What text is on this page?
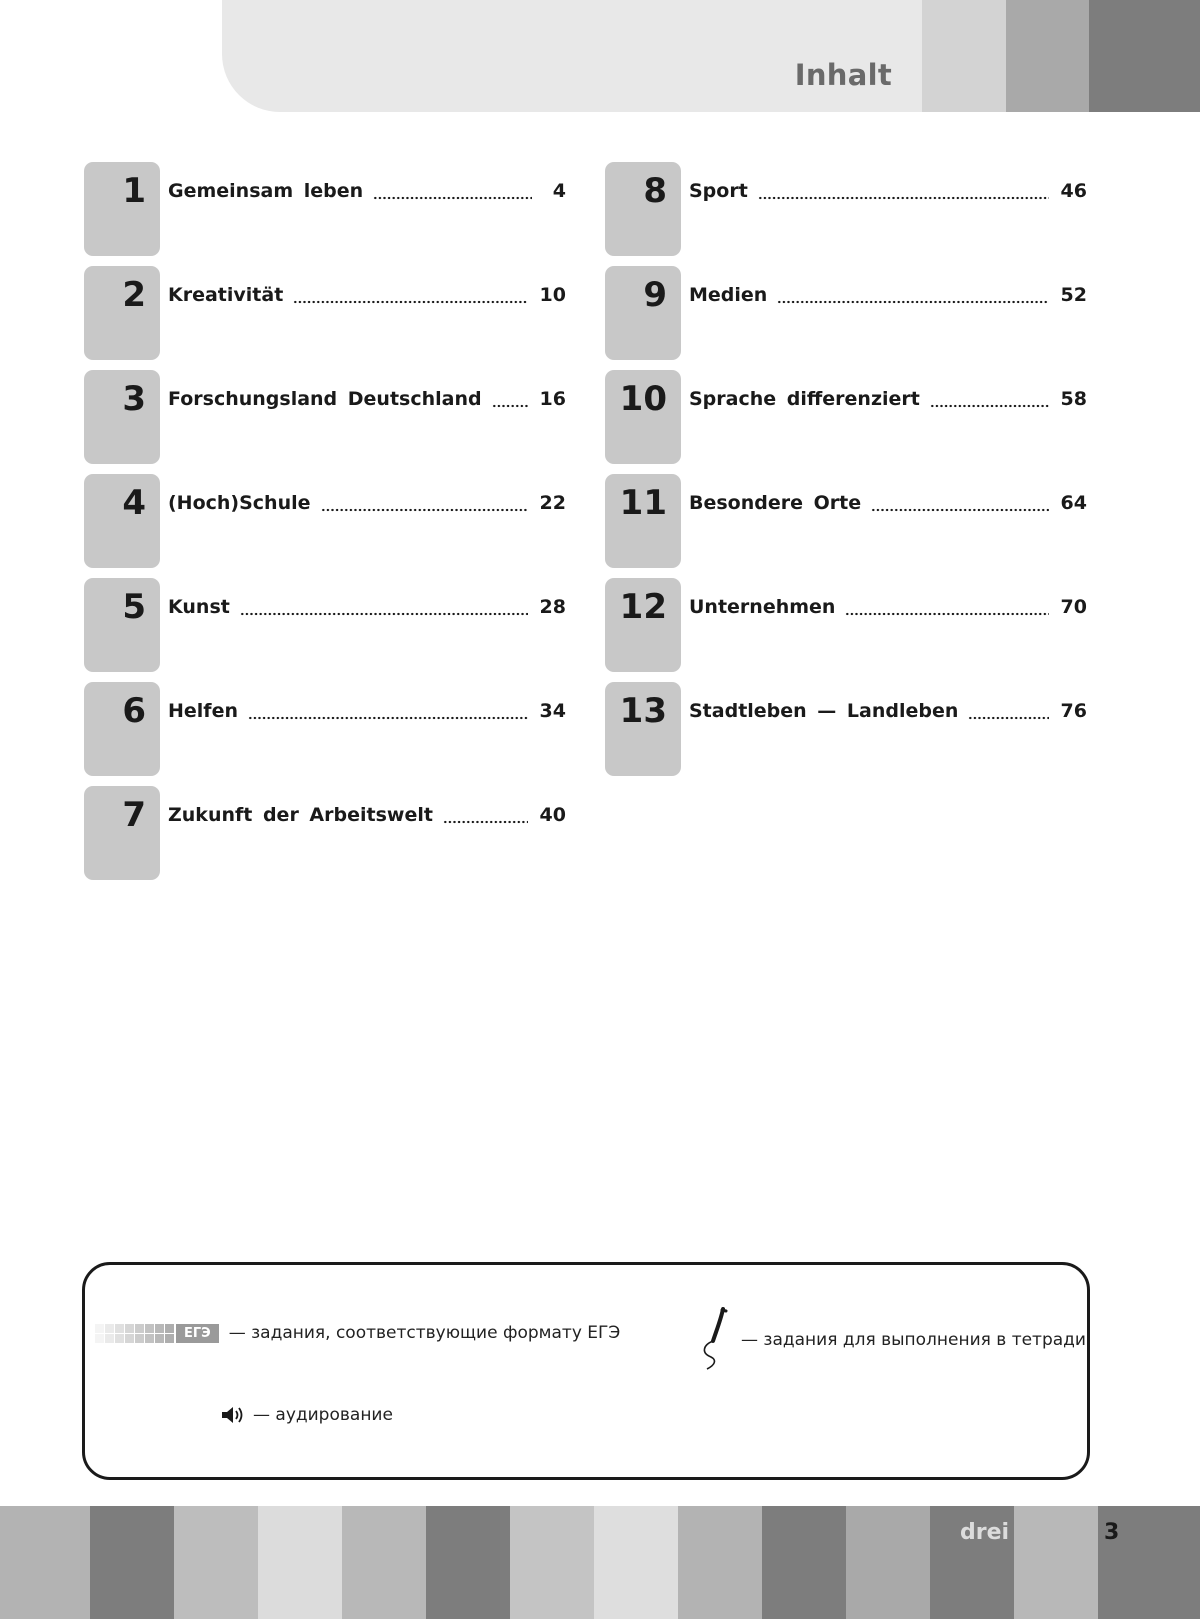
Inhalt
1 Gemeinsam leben	4
2 Kreativität	10
3 Forschungsland Deutschland	16
4 (Hoch)Schule	22
5 Kunst	28
6 Helfen	34
7 Zukunft der Arbeitswelt	40
8 Sport	46
9 Medien	52
10 Sprache differenziert	58
11 Besondere Orte	64
12 Unternehmen	70
13 Stadtleben — Landleben	76
ЕГЭ	— задания, соответствующие формату ЕГЭ	— задания для выполнения в тетради
— аудирование
drei	3
